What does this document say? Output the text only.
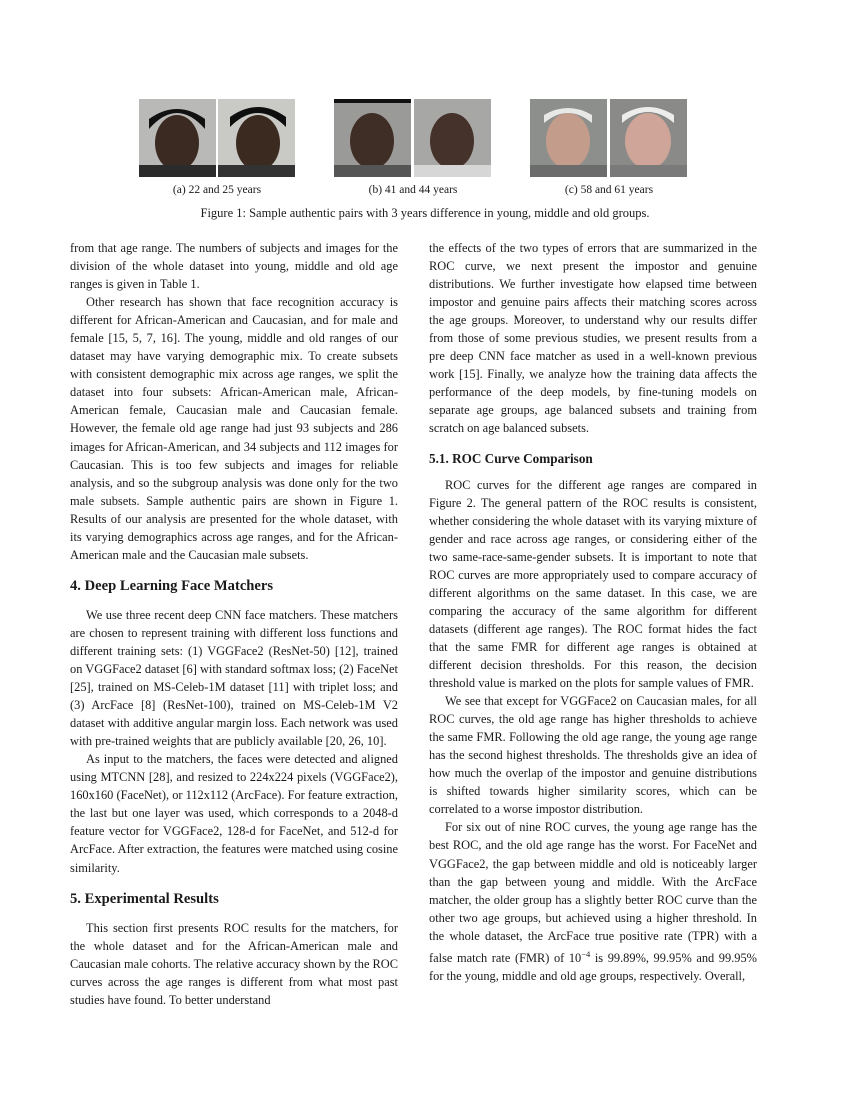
(a) 22 and 25 years	(b) 41 and 44 years	(c) 58 and 61 years
Figure 1: Sample authentic pairs with 3 years difference in young, middle and old groups.

from that age range. The numbers of subjects and images for the division of the whole dataset into young, middle and old age ranges is given in Table 1.

Other research has shown that face recognition accuracy is different for African-American and Caucasian, and for male and female [15, 5, 7, 16]. The young, middle and old ranges of our dataset may have varying demographic mix. To create subsets with consistent demographic mix across age ranges, we split the dataset into four subsets: African-American male, African-American female, Caucasian male and Caucasian female. However, the female old age range had just 93 subjects and 286 images for African-American, and 34 subjects and 112 images for Caucasian. This is too few subjects and images for reliable analysis, and so the subgroup analysis was done only for the two male subsets. Sample authentic pairs are shown in Figure 1. Results of our analysis are presented for the whole dataset, with its varying demographics across age ranges, and for the African-American male and the Caucasian male subsets.

4. Deep Learning Face Matchers

We use three recent deep CNN face matchers. These matchers are chosen to represent training with different loss functions and different training sets: (1) VGGFace2 (ResNet-50) [12], trained on VGGFace2 dataset [6] with standard softmax loss; (2) FaceNet [25], trained on MS-Celeb-1M dataset [11] with triplet loss; and (3) ArcFace [8] (ResNet-100), trained on MS-Celeb-1M V2 dataset with additive angular margin loss. Each network was used with pre-trained weights that are publicly available [20, 26, 10].

As input to the matchers, the faces were detected and aligned using MTCNN [28], and resized to 224x224 pixels (VGGFace2), 160x160 (FaceNet), or 112x112 (ArcFace). For feature extraction, the last but one layer was used, which corresponds to a 2048-d feature vector for VGGFace2, 128-d for FaceNet, and 512-d for ArcFace. After extraction, the features were matched using cosine similarity.

5. Experimental Results

This section first presents ROC results for the matchers, for the whole dataset and for the African-American male and Caucasian male cohorts. The relative accuracy shown by the ROC curves across the age ranges is different from what most past studies have found. To better understand

the effects of the two types of errors that are summarized in the ROC curve, we next present the impostor and genuine distributions. We further investigate how elapsed time between impostor and genuine pairs affects their matching scores across the age groups. Moreover, to understand why our results differ from those of some previous studies, we present results from a pre deep CNN face matcher as used in a well-known previous work [15]. Finally, we analyze how the training data affects the performance of the deep models, by fine-tuning models on separate age groups, age balanced subsets and training from scratch on age balanced subsets.

5.1. ROC Curve Comparison

ROC curves for the different age ranges are compared in Figure 2. The general pattern of the ROC results is consistent, whether considering the whole dataset with its varying mixture of gender and race across age ranges, or considering either of the two same-race-same-gender subsets. It is important to note that ROC curves are more appropriately used to compare accuracy of different algorithms on the same dataset. In this case, we are comparing the accuracy of the same algorithm for different datasets (different age ranges). The ROC format hides the fact that the same FMR for different age ranges is obtained at different decision thresholds. For this reason, the decision threshold value is marked on the plots for sample values of FMR.

We see that except for VGGFace2 on Caucasian males, for all ROC curves, the old age range has higher thresholds to achieve the same FMR. Following the old age range, the young age range has the second highest thresholds. The thresholds give an idea of how much the overlap of the impostor and genuine distributions is shifted towards higher similarity scores, which can be correlated to a worse impostor distribution.

For six out of nine ROC curves, the young age range has the best ROC, and the old age range has the worst. For FaceNet and VGGFace2, the gap between middle and old is noticeably larger than the gap between young and middle. With the ArcFace matcher, the older group has a slightly better ROC curve than the other two age groups, but achieved using a higher threshold. In the whole dataset, the ArcFace true positive rate (TPR) with a false match rate (FMR) of $10^{-4}$ is 99.89%, 99.95% and 99.95% for the young, middle and old age groups, respectively. Overall,
